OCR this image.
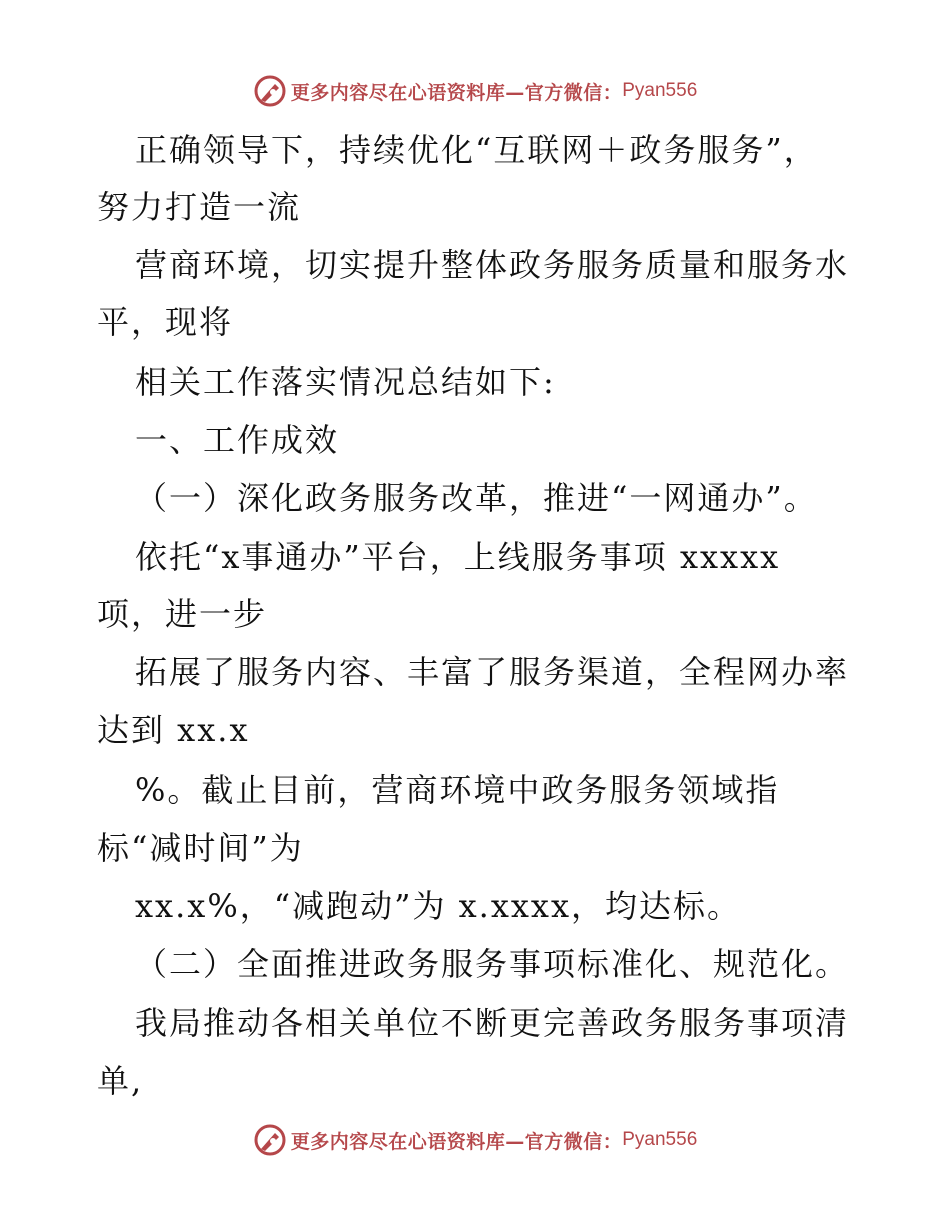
更多内容尽在心语资料库—官方微信： Pyan556
正确领导下，持续优化“互联网＋政务服务”，
努力打造一流
营商环境，切实提升整体政务服务质量和服务水
平，现将
相关工作落实情况总结如下:
一、工作成效
（一）深化政务服务改革，推进“一网通办”。
依托“x事通办”平台，上线服务事项 xxxxx
项，进一步
拓展了服务内容、丰富了服务渠道，全程网办率
达到 xx.x
%。截止目前，营商环境中政务服务领域指
标“减时间”为
xx.x%，“减跑动”为 x.xxxx，均达标。
（二）全面推进政务服务事项标准化、规范化。
我局推动各相关单位不断更完善政务服务事项清
单,
更多内容尽在心语资料库—官方微信： Pyan556
